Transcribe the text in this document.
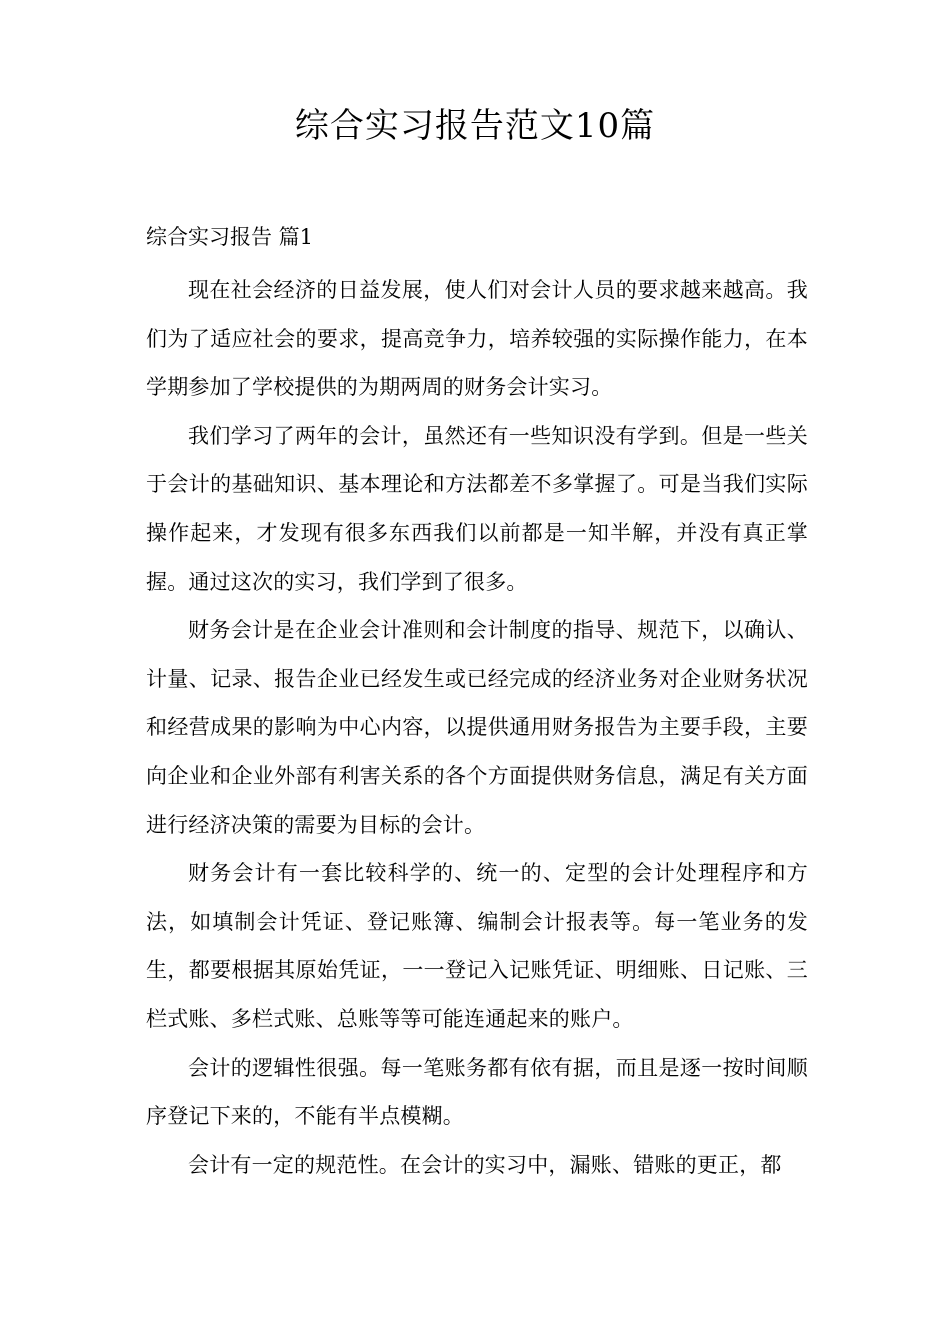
综合实习报告范文10篇
综合实习报告 篇1

现在社会经济的日益发展，使人们对会计人员的要求越来越高。我们为了适应社会的要求，提高竞争力，培养较强的实际操作能力，在本学期参加了学校提供的为期两周的财务会计实习。

我们学习了两年的会计，虽然还有一些知识没有学到。但是一些关于会计的基础知识、基本理论和方法都差不多掌握了。可是当我们实际操作起来，才发现有很多东西我们以前都是一知半解，并没有真正掌握。通过这次的实习，我们学到了很多。

财务会计是在企业会计准则和会计制度的指导、规范下，以确认、计量、记录、报告企业已经发生或已经完成的经济业务对企业财务状况和经营成果的影响为中心内容，以提供通用财务报告为主要手段，主要向企业和企业外部有利害关系的各个方面提供财务信息，满足有关方面进行经济决策的需要为目标的会计。

财务会计有一套比较科学的、统一的、定型的会计处理程序和方法，如填制会计凭证、登记账簿、编制会计报表等。每一笔业务的发生，都要根据其原始凭证，一一登记入记账凭证、明细账、日记账、三栏式账、多栏式账、总账等等可能连通起来的账户。

会计的逻辑性很强。每一笔账务都有依有据，而且是逐一按时间顺序登记下来的，不能有半点模糊。

会计有一定的规范性。在会计的实习中，漏账、错账的更正，都
